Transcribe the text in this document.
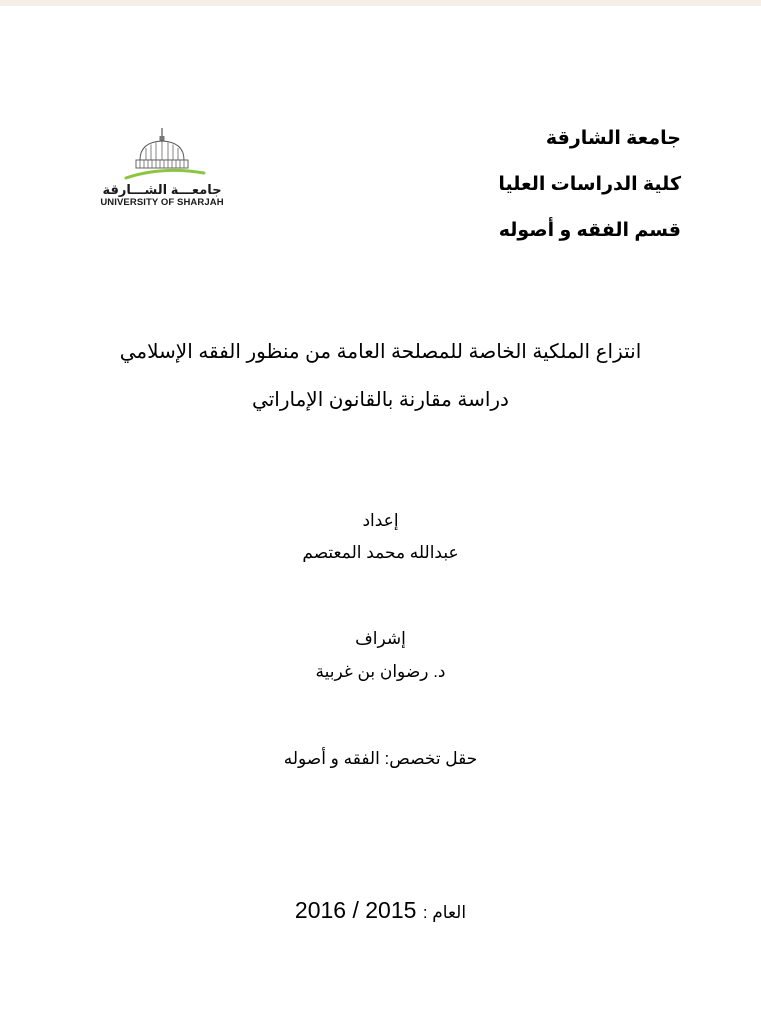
جامعـــة الشـــارقة
UNIVERSITY OF SHARJAH
جامعة الشارقة
كلية الدراسات العليا
قسم الفقه و أصوله
انتزاع الملكية الخاصة للمصلحة العامة من منظور الفقه الإسلامي
دراسة مقارنة بالقانون الإماراتي
إعداد
عبدالله محمد المعتصم
إشراف
د. رضوان بن غربية
حقل تخصص: الفقه و أصوله
2016 / 2015 العام :
